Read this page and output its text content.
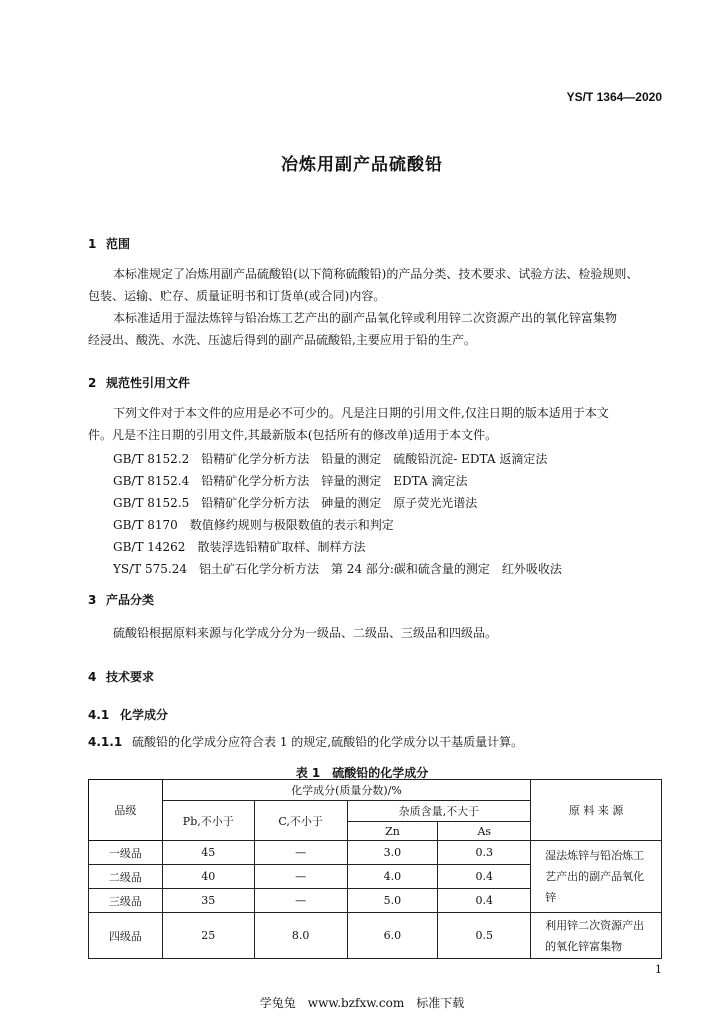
YS/T 1364—2020
冶炼用副产品硫酸铅
1 范围
本标准规定了冶炼用副产品硫酸铅(以下简称硫酸铅)的产品分类、技术要求、试验方法、检验规则、
包装、运输、贮存、质量证明书和订货单(或合同)内容。
本标准适用于湿法炼锌与铅冶炼工艺产出的副产品氧化锌或利用锌二次资源产出的氧化锌富集物
经浸出、酸洗、水洗、压滤后得到的副产品硫酸铅,主要应用于铅的生产。
2 规范性引用文件
下列文件对于本文件的应用是必不可少的。凡是注日期的引用文件,仅注日期的版本适用于本文
件。凡是不注日期的引用文件,其最新版本(包括所有的修改单)适用于本文件。
GB/T 8152.2　铅精矿化学分析方法　铅量的测定　硫酸铅沉淀- EDTA 返滴定法
GB/T 8152.4　铅精矿化学分析方法　锌量的测定　EDTA 滴定法
GB/T 8152.5　铅精矿化学分析方法　砷量的测定　原子荧光光谱法
GB/T 8170　数值修约规则与极限数值的表示和判定
GB/T 14262　散装浮选铅精矿取样、制样方法
YS/T 575.24　铝土矿石化学分析方法　第 24 部分:碳和硫含量的测定　红外吸收法
3 产品分类
硫酸铅根据原料来源与化学成分分为一级品、二级品、三级品和四级品。
4 技术要求
4.1 化学成分
4.1.1 硫酸铅的化学成分应符合表 1 的规定,硫酸铅的化学成分以干基质量计算。
表 1　硫酸铅的化学成分
品级	化学成分(质量分数)/%				原 料 来 源
	Pb,不小于	C,不小于	杂质含量,不大于		
			Zn	As	
一级品	45	—	3.0	0.3	湿法炼锌与铅冶炼工艺产出的副产品氧化锌
二级品	40	—	4.0	0.4	
三级品	35	—	5.0	0.4	
四级品	25	8.0	6.0	0.5	利用锌二次资源产出的氧化锌富集物
1
学兔兔　www.bzfxw.com　标准下载
